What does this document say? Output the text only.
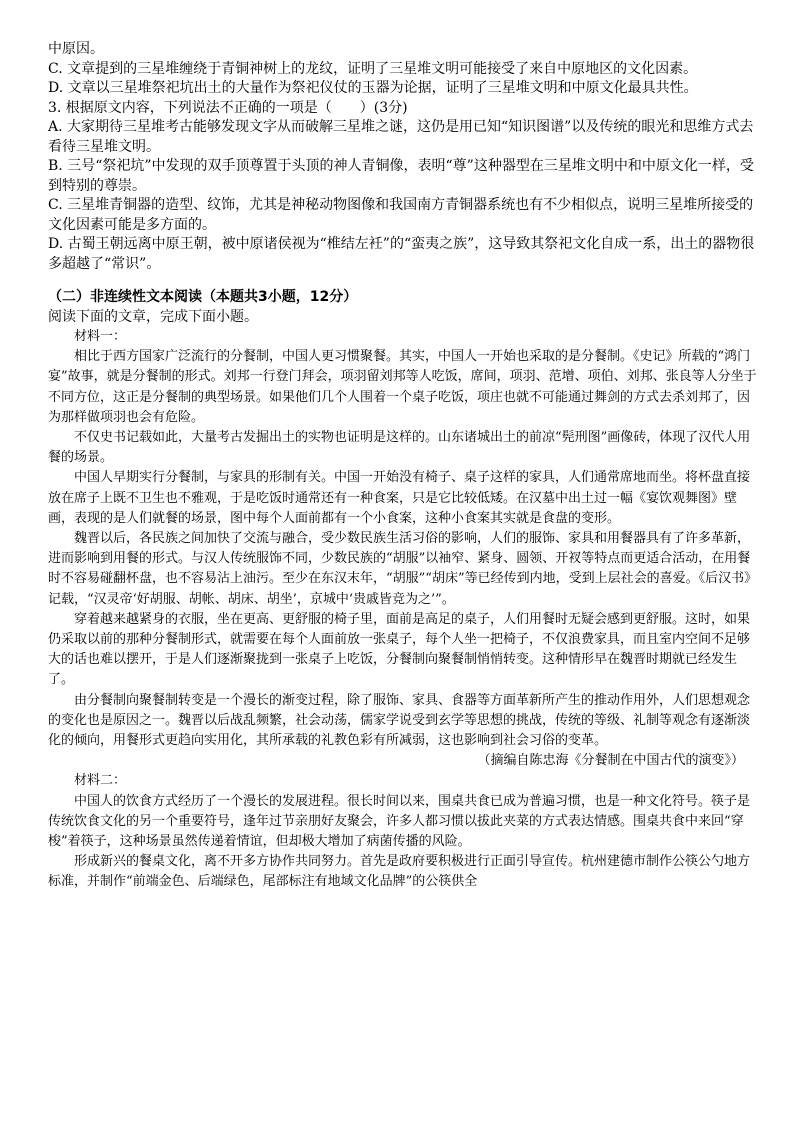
中原因。

C. 文章提到的三星堆缠绕于青铜神树上的龙纹，证明了三星堆文明可能接受了来自中原地区的文化因素。

D. 文章以三星堆祭祀坑出土的大量作为祭祀仪仗的玉器为论据，证明了三星堆文明和中原文化最具共性。

3. 根据原文内容，下列说法不正确的一项是（　　）(3分)

A. 大家期待三星堆考古能够发现文字从而破解三星堆之谜，这仍是用已知“知识图谱”以及传统的眼光和思维方式去看待三星堆文明。

B. 三号“祭祀坑”中发现的双手顶尊置于头顶的神人青铜像，表明“尊”这种器型在三星堆文明中和中原文化一样，受到特别的尊崇。

C. 三星堆青铜器的造型、纹饰，尤其是神秘动物图像和我国南方青铜器系统也有不少相似点，说明三星堆所接受的文化因素可能是多方面的。

D. 古蜀王朝远离中原王朝，被中原诸侯视为“椎结左衽”的“蛮夷之族”，这导致其祭祀文化自成一系，出土的器物很多超越了“常识”。

（二）非连续性文本阅读（本题共3小题，12分）

阅读下面的文章，完成下面小题。

材料一：

相比于西方国家广泛流行的分餐制，中国人更习惯聚餐。其实，中国人一开始也采取的是分餐制。《史记》所载的“鸿门宴”故事，就是分餐制的形式。刘邦一行登门拜会，项羽留刘邦等人吃饭，席间，项羽、范增、项伯、刘邦、张良等人分坐于不同方位，这正是分餐制的典型场景。如果他们几个人围着一个桌子吃饭，项庄也就不可能通过舞剑的方式去杀刘邦了，因为那样做项羽也会有危险。

不仅史书记载如此，大量考古发掘出土的实物也证明是这样的。山东诸城出土的前凉“髡刑图”画像砖，体现了汉代人用餐的场景。

中国人早期实行分餐制，与家具的形制有关。中国一开始没有椅子、桌子这样的家具，人们通常席地而坐。将杯盘直接放在席子上既不卫生也不雅观，于是吃饭时通常还有一种食案，只是它比较低矮。在汉墓中出土过一幅《宴饮观舞图》壁画，表现的是人们就餐的场景，图中每个人面前都有一个小食案，这种小食案其实就是食盘的变形。

魏晋以后，各民族之间加快了交流与融合，受少数民族生活习俗的影响，人们的服饰、家具和用餐器具有了许多革新，进而影响到用餐的形式。与汉人传统服饰不同，少数民族的“胡服”以袖窄、紧身、圆领、开衩等特点而更适合活动，在用餐时不容易碰翻杯盘，也不容易沾上油污。至少在东汉末年，“胡服”“胡床”等已经传到内地，受到上层社会的喜爱。《后汉书》记载，“汉灵帝‘好胡服、胡帐、胡床、胡坐’，京城中‘贵戚皆竞为之’”。

穿着越来越紧身的衣服，坐在更高、更舒服的椅子里，面前是高足的桌子，人们用餐时无疑会感到更舒服。这时，如果仍采取以前的那种分餐制形式，就需要在每个人面前放一张桌子，每个人坐一把椅子，不仅浪费家具，而且室内空间不足够大的话也难以摆开，于是人们逐渐聚拢到一张桌子上吃饭，分餐制向聚餐制悄悄转变。这种情形早在魏晋时期就已经发生了。

由分餐制向聚餐制转变是一个漫长的渐变过程，除了服饰、家具、食器等方面革新所产生的推动作用外，人们思想观念的变化也是原因之一。魏晋以后战乱频繁，社会动荡，儒家学说受到玄学等思想的挑战，传统的等级、礼制等观念有逐渐淡化的倾向，用餐形式更趋向实用化，其所承载的礼教色彩有所减弱，这也影响到社会习俗的变革。

（摘编自陈忠海《分餐制在中国古代的演变》）

材料二：

中国人的饮食方式经历了一个漫长的发展进程。很长时间以来，围桌共食已成为普遍习惯，也是一种文化符号。筷子是传统饮食文化的另一个重要符号，逢年过节亲朋好友聚会，许多人都习惯以拔此夹菜的方式表达情感。围桌共食中来回“穿梭”着筷子，这种场景虽然传递着情谊，但却极大增加了病菌传播的风险。

形成新兴的餐桌文化，离不开多方协作共同努力。首先是政府要积极进行正面引导宣传。杭州建德市制作公筷公勺地方标准，并制作“前端金色、后端绿色，尾部标注有地域文化品牌”的公筷供全
